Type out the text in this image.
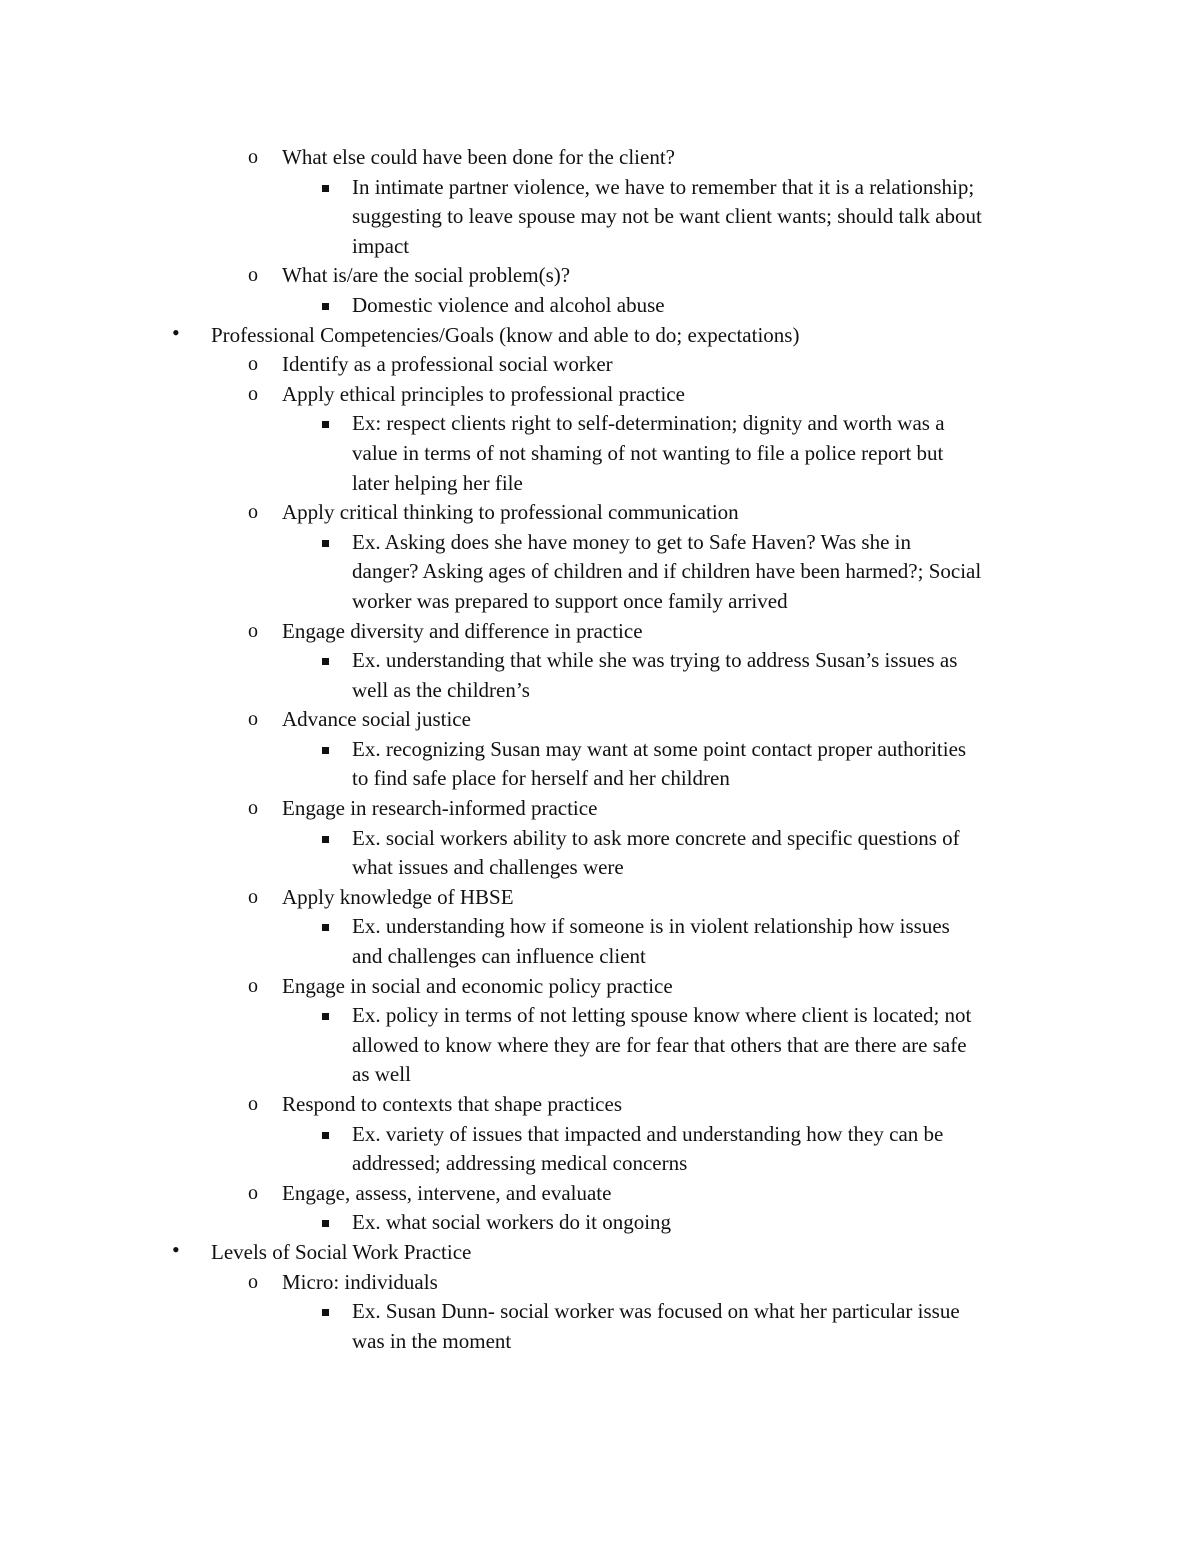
o What else could have been done for the client?
In intimate partner violence, we have to remember that it is a relationship;
suggesting to leave spouse may not be want client wants; should talk about
impact
o What is/are the social problem(s)?
Domestic violence and alcohol abuse
• Professional Competencies/Goals (know and able to do; expectations)
o Identify as a professional social worker
o Apply ethical principles to professional practice
Ex: respect clients right to self-determination; dignity and worth was a
value in terms of not shaming of not wanting to file a police report but
later helping her file
o Apply critical thinking to professional communication
Ex. Asking does she have money to get to Safe Haven? Was she in
danger? Asking ages of children and if children have been harmed?; Social
worker was prepared to support once family arrived
o Engage diversity and difference in practice
Ex. understanding that while she was trying to address Susan’s issues as
well as the children’s
o Advance social justice
Ex. recognizing Susan may want at some point contact proper authorities
to find safe place for herself and her children
o Engage in research-informed practice
Ex. social workers ability to ask more concrete and specific questions of
what issues and challenges were
o Apply knowledge of HBSE
Ex. understanding how if someone is in violent relationship how issues
and challenges can influence client
o Engage in social and economic policy practice
Ex. policy in terms of not letting spouse know where client is located; not
allowed to know where they are for fear that others that are there are safe
as well
o Respond to contexts that shape practices
Ex. variety of issues that impacted and understanding how they can be
addressed; addressing medical concerns
o Engage, assess, intervene, and evaluate
Ex. what social workers do it ongoing
• Levels of Social Work Practice
o Micro: individuals
Ex. Susan Dunn- social worker was focused on what her particular issue
was in the moment
